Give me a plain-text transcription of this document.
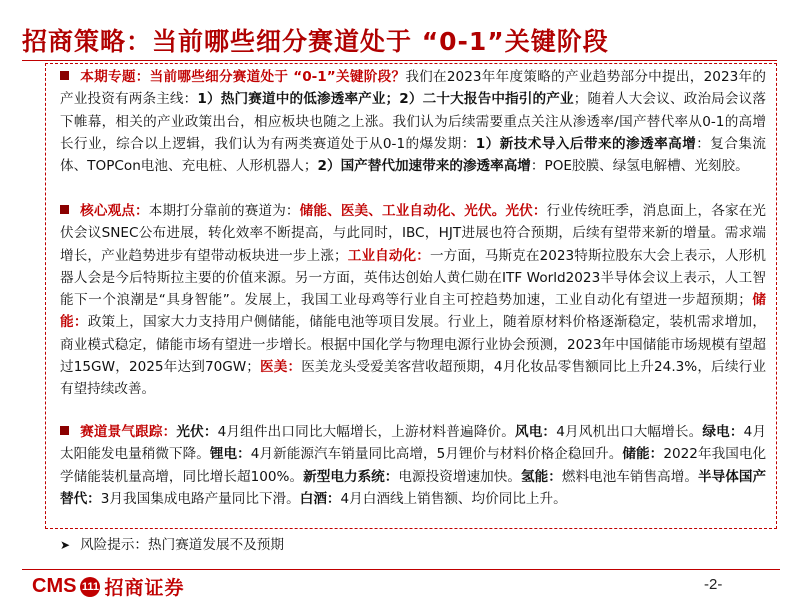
招商策略：当前哪些细分赛道处于 “0-1”关键阶段
本期专题：当前哪些细分赛道处于 “0-1”关键阶段？我们在2023年年度策略的产业趋势部分中提出，2023年的产业投资有两条主线：1）热门赛道中的低渗透率产业；2）二十大报告中指引的产业；随着人大会议、政治局会议落下帷幕，相关的产业政策出台，相应板块也随之上涨。我们认为后续需要重点关注从渗透率/国产替代率从0-1的高增长行业，综合以上逻辑，我们认为有两类赛道处于从0-1的爆发期：1）新技术导入后带来的渗透率高增：复合集流体、TOPCon电池、充电桩、人形机器人；2）国产替代加速带来的渗透率高增：POE胶膜、绿氢电解槽、光刻胶。
核心观点：本期打分靠前的赛道为：储能、医美、工业自动化、光伏。光伏：行业传统旺季，消息面上，各家在光伏会议SNEC公布进展，转化效率不断提高，与此同时，IBC，HJT进展也符合预期，后续有望带来新的增量。需求端增长，产业趋势进步有望带动板块进一步上涨；工业自动化：一方面，马斯克在2023特斯拉股东大会上表示，人形机器人会是今后特斯拉主要的价值来源。另一方面，英伟达创始人黄仁勋在ITF World2023半导体会议上表示，人工智能下一个浪潮是“具身智能”。发展上，我国工业母鸡等行业自主可控趋势加速，工业自动化有望进一步超预期；储能：政策上，国家大力支持用户侧储能，储能电池等项目发展。行业上，随着原材料价格逐渐稳定，装机需求增加，商业模式稳定，储能市场有望进一步增长。根据中国化学与物理电源行业协会预测，2023年中国储能市场规模有望超过15GW，2025年达到70GW；医美：医美龙头受爱美客营收超预期，4月化妆品零售额同比上升24.3%，后续行业有望持续改善。
赛道景气跟踪：光伏：4月组件出口同比大幅增长，上游材料普遍降价。风电：4月风机出口大幅增长。绿电：4月太阳能发电量稍微下降。锂电：4月新能源汽车销量同比高增，5月锂价与材料价格企稳回升。储能：2022年我国电化学储能装机量高增，同比增长超100%。新型电力系统：电源投资增速加快。氢能：燃料电池车销售高增。半导体国产替代：3月我国集成电路产量同比下滑。白酒：4月白酒线上销售额、均价同比上升。
➤ 风险提示：热门赛道发展不及预期
CMS 111 招商证券	-2-
